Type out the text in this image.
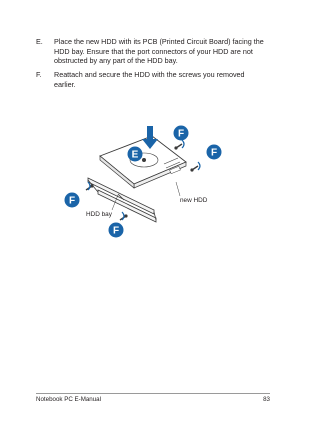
E. Place the new HDD with its PCB (Printed Circuit Board) facing the HDD bay. Ensure that the port connectors of your HDD are not obstructed by any part of the HDD bay.
F. Reattach and secure the HDD with the screws you removed earlier.
new HDD
HDD bay
E
F
F
F
F
Notebook PC E-Manual	83
